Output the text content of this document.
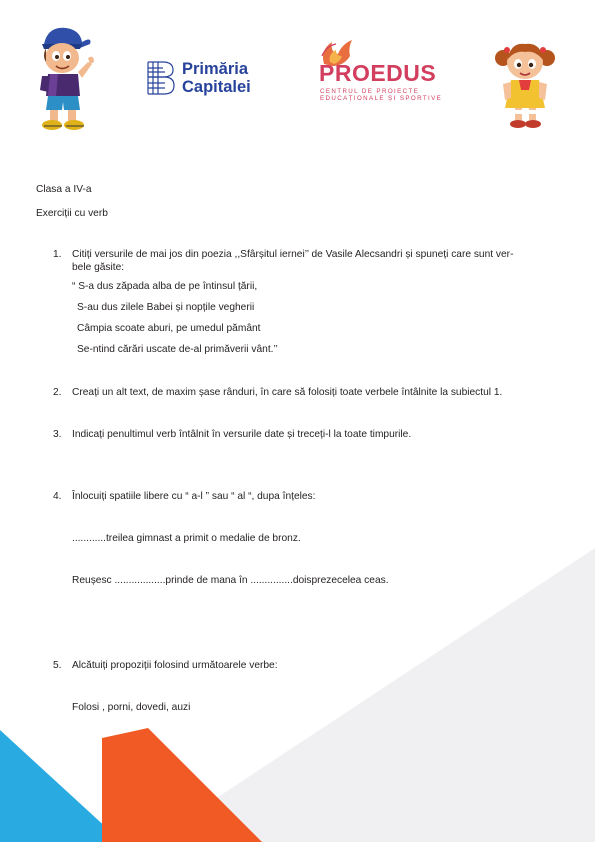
Primăria
Capitalei
PROEDUS
CENTRUL DE PROIECTE
EDUCAȚIONALE ȘI SPORTIVE
Clasa a IV-a
Exerciții cu verb
1. Citiți versurile de mai jos din poezia ,,Sfârșitul iernei’’ de Vasile Alecsandri și spuneți care sunt ver-
bele găsite:
“ S-a dus zăpada alba de pe întinsul țării,
S-au dus zilele Babei și nopțile vegherii
Câmpia scoate aburi, pe umedul pământ
Se-ntind cărări uscate de-al primăverii vânt.’’
2. Creați un alt text, de maxim șase rânduri, în care să folosiți toate verbele întâlnite la subiectul 1.
3. Indicați penultimul verb întâlnit în versurile date și treceți-l la toate timpurile.
4. Înlocuiți spatiile libere cu “ a-l ” sau “ al “, dupa înțeles:
............treilea gimnast a primit o medalie de bronz.
Reușesc ..................prinde de mana în ...............doisprezecelea ceas.
5. Alcătuiți propoziții folosind următoarele verbe:
Folosi , porni, dovedi, auzi
